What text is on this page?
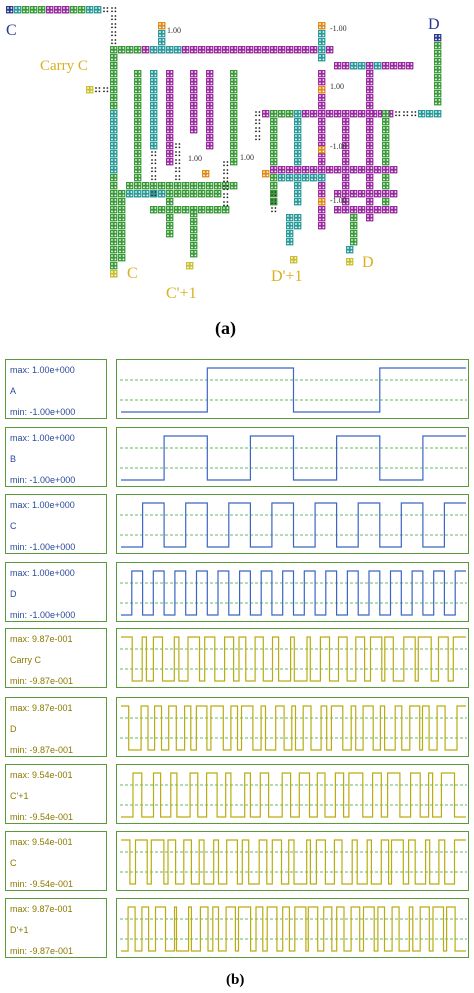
C	D
Carry C
C
C'+1
D'+1
D
1.00	-1.00
1.00
-1.00
1.00	1.00
-1.00
(a)
max: 1.00e+000
A
min: -1.00e+000
max: 1.00e+000
B
min: -1.00e+000
max: 1.00e+000
C
min: -1.00e+000
max: 1.00e+000
D
min: -1.00e+000
max: 9.87e-001
Carry C
min: -9.87e-001
max: 9.87e-001
D
min: -9.87e-001
max: 9.54e-001
C'+1
min: -9.54e-001
max: 9.54e-001
C
min: -9.54e-001
max: 9.87e-001
D'+1
min: -9.87e-001
(b)
